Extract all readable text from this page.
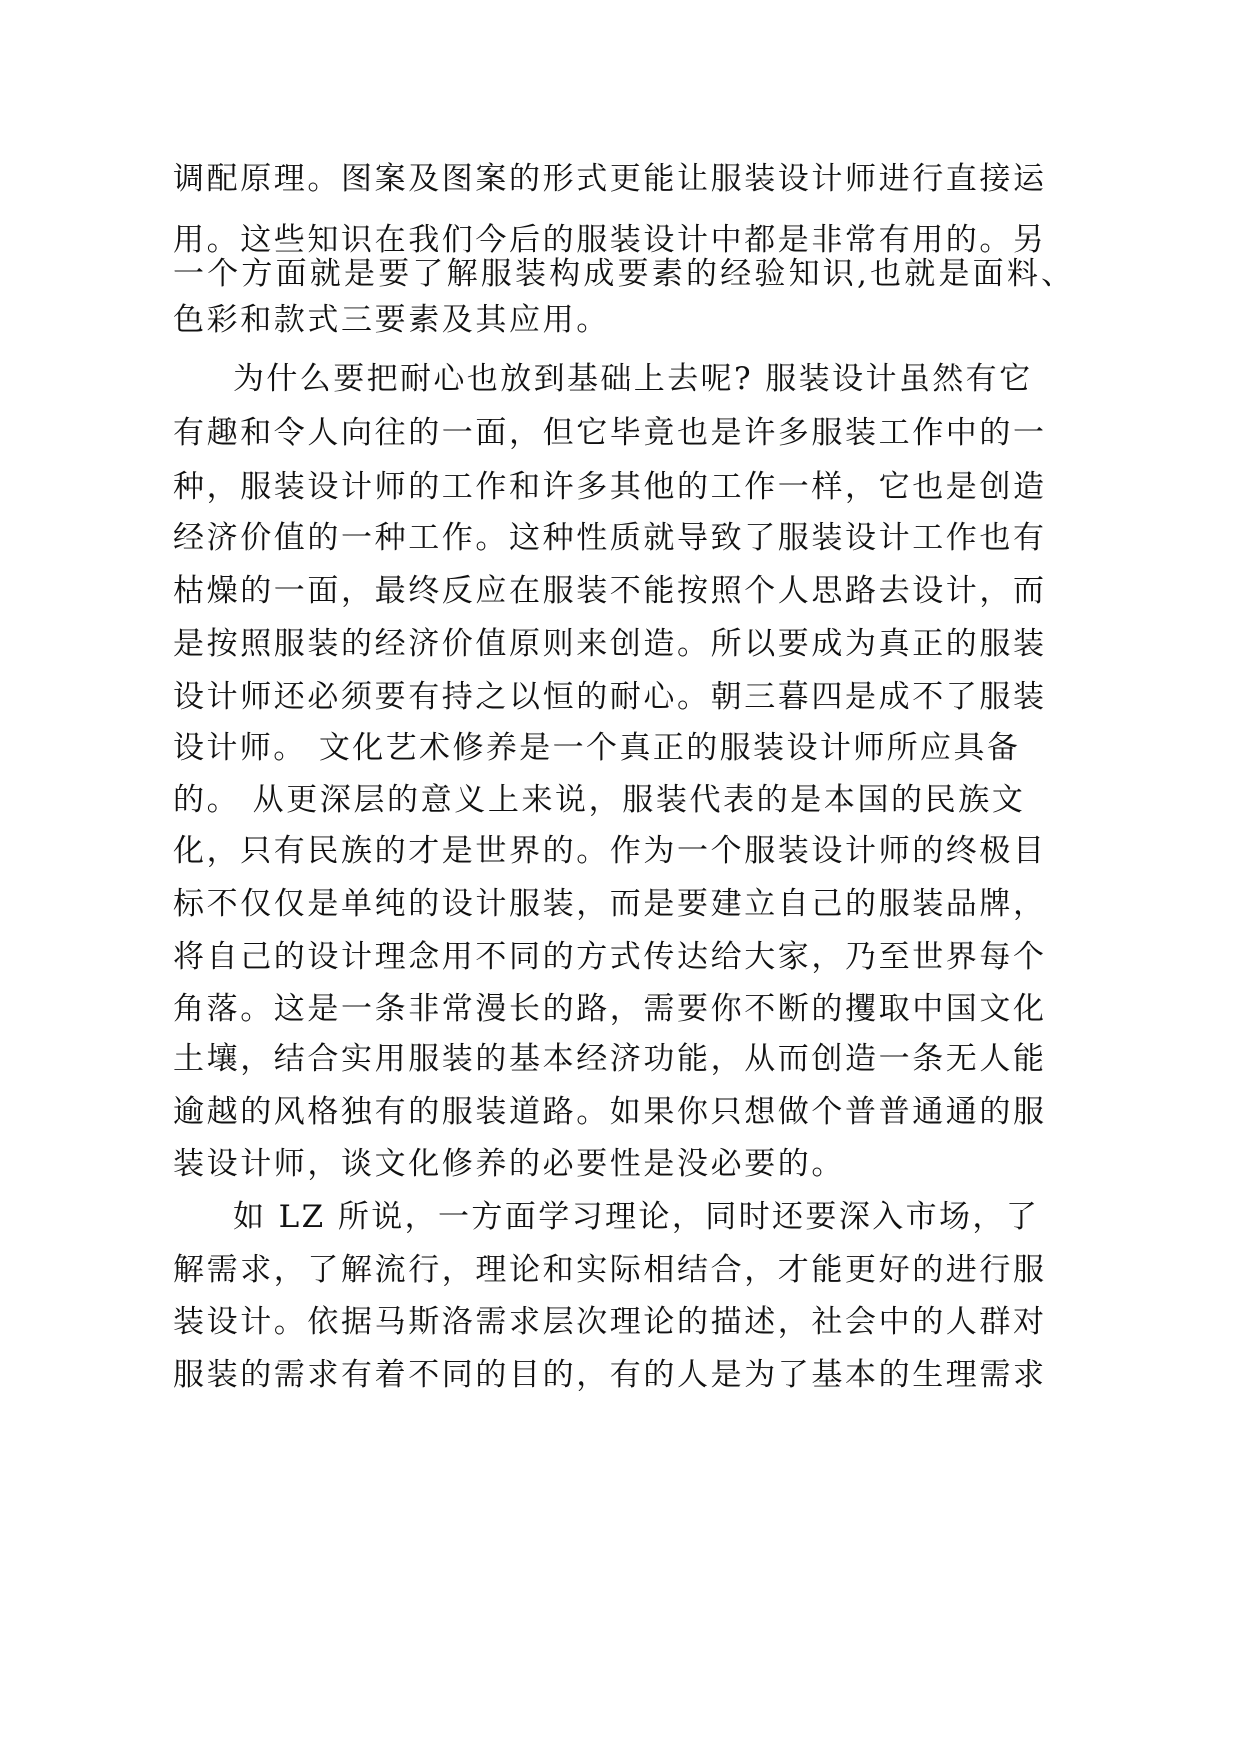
调配原理。图案及图案的形式更能让服装设计师进行直接运
用。这些知识在我们今后的服装设计中都是非常有用的。另
一个方面就是要了解服装构成要素的经验知识,也就是面料、
色彩和款式三要素及其应用。
为什么要把耐心也放到基础上去呢? 服装设计虽然有它
有趣和令人向往的一面，但它毕竟也是许多服装工作中的一
种，服装设计师的工作和许多其他的工作一样，它也是创造
经济价值的一种工作。这种性质就导致了服装设计工作也有
枯燥的一面，最终反应在服装不能按照个人思路去设计，而
是按照服装的经济价值原则来创造。所以要成为真正的服装
设计师还必须要有持之以恒的耐心。朝三暮四是成不了服装
设计师。 文化艺术修养是一个真正的服装设计师所应具备
的。 从更深层的意义上来说，服装代表的是本国的民族文
化，只有民族的才是世界的。作为一个服装设计师的终极目
标不仅仅是单纯的设计服装，而是要建立自己的服装品牌，
将自己的设计理念用不同的方式传达给大家，乃至世界每个
角落。这是一条非常漫长的路，需要你不断的攫取中国文化
土壤，结合实用服装的基本经济功能，从而创造一条无人能
逾越的风格独有的服装道路。如果你只想做个普普通通的服
装设计师，谈文化修养的必要性是没必要的。
如 LZ 所说，一方面学习理论，同时还要深入市场，了
解需求，了解流行，理论和实际相结合，才能更好的进行服
装设计。依据马斯洛需求层次理论的描述，社会中的人群对
服装的需求有着不同的目的，有的人是为了基本的生理需求
